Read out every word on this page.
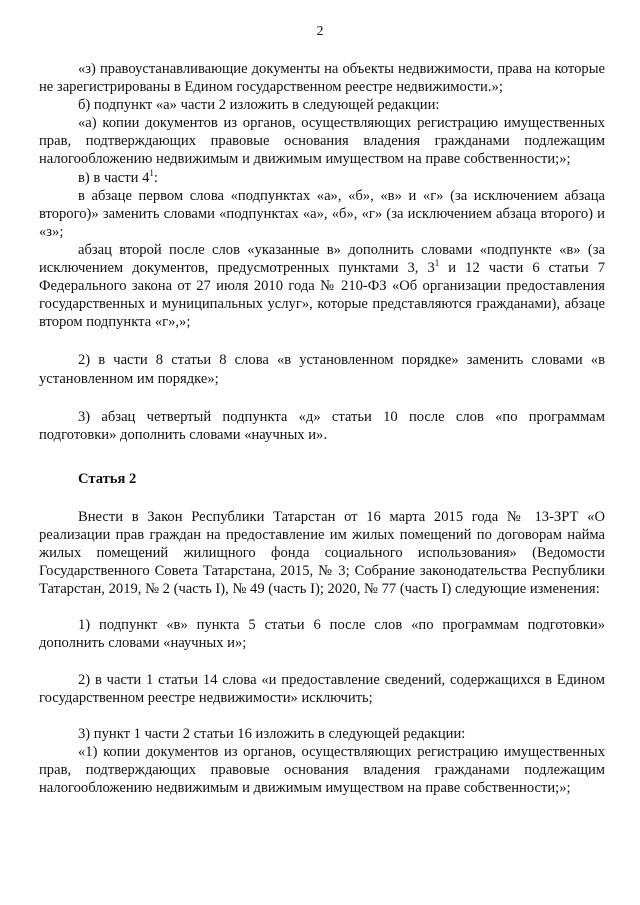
2

«з) правоустанавливающие документы на объекты недвижимости, права на которые не зарегистрированы в Едином государственном реестре недвижимости.»;

б) подпункт «а» части 2 изложить в следующей редакции:

«а) копии документов из органов, осуществляющих регистрацию имущественных прав, подтверждающих правовые основания владения гражданами подлежащим налогообложению недвижимым и движимым имуществом на праве собственности;»;

в) в части $4^1$:

в абзаце первом слова «подпунктах «а», «б», «в» и «г» (за исключением абзаца второго)» заменить словами «подпунктах «а», «б», «г» (за исключением абзаца второго) и «з»;

абзац второй после слов «указанные в» дополнить словами «подпункте «в» (за исключением документов, предусмотренных пунктами 3, $3^1$ и 12 части 6 статьи 7 Федерального закона от 27 июля 2010 года № 210-ФЗ «Об организации предоставления государственных и муниципальных услуг», которые представляются гражданами), абзаце втором подпункта «г»,»;

2) в части 8 статьи 8 слова «в установленном порядке» заменить словами «в установленном им порядке»;

3) абзац четвертый подпункта «д» статьи 10 после слов «по программам подготовки» дополнить словами «научных и».

Статья 2

Внести в Закон Республики Татарстан от 16 марта 2015 года № 13-ЗРТ «О реализации прав граждан на предоставление им жилых помещений по договорам найма жилых помещений жилищного фонда социального использования» (Ведомости Государственного Совета Татарстана, 2015, № 3; Собрание законодательства Республики Татарстан, 2019, № 2 (часть I), № 49 (часть I); 2020, № 77 (часть I) следующие изменения:

1) подпункт «в» пункта 5 статьи 6 после слов «по программам подготовки» дополнить словами «научных и»;

2) в части 1 статьи 14 слова «и предоставление сведений, содержащихся в Едином государственном реестре недвижимости» исключить;

3) пункт 1 части 2 статьи 16 изложить в следующей редакции:

«1) копии документов из органов, осуществляющих регистрацию имущественных прав, подтверждающих правовые основания владения гражданами подлежащим налогообложению недвижимым и движимым имуществом на праве собственности;»;
